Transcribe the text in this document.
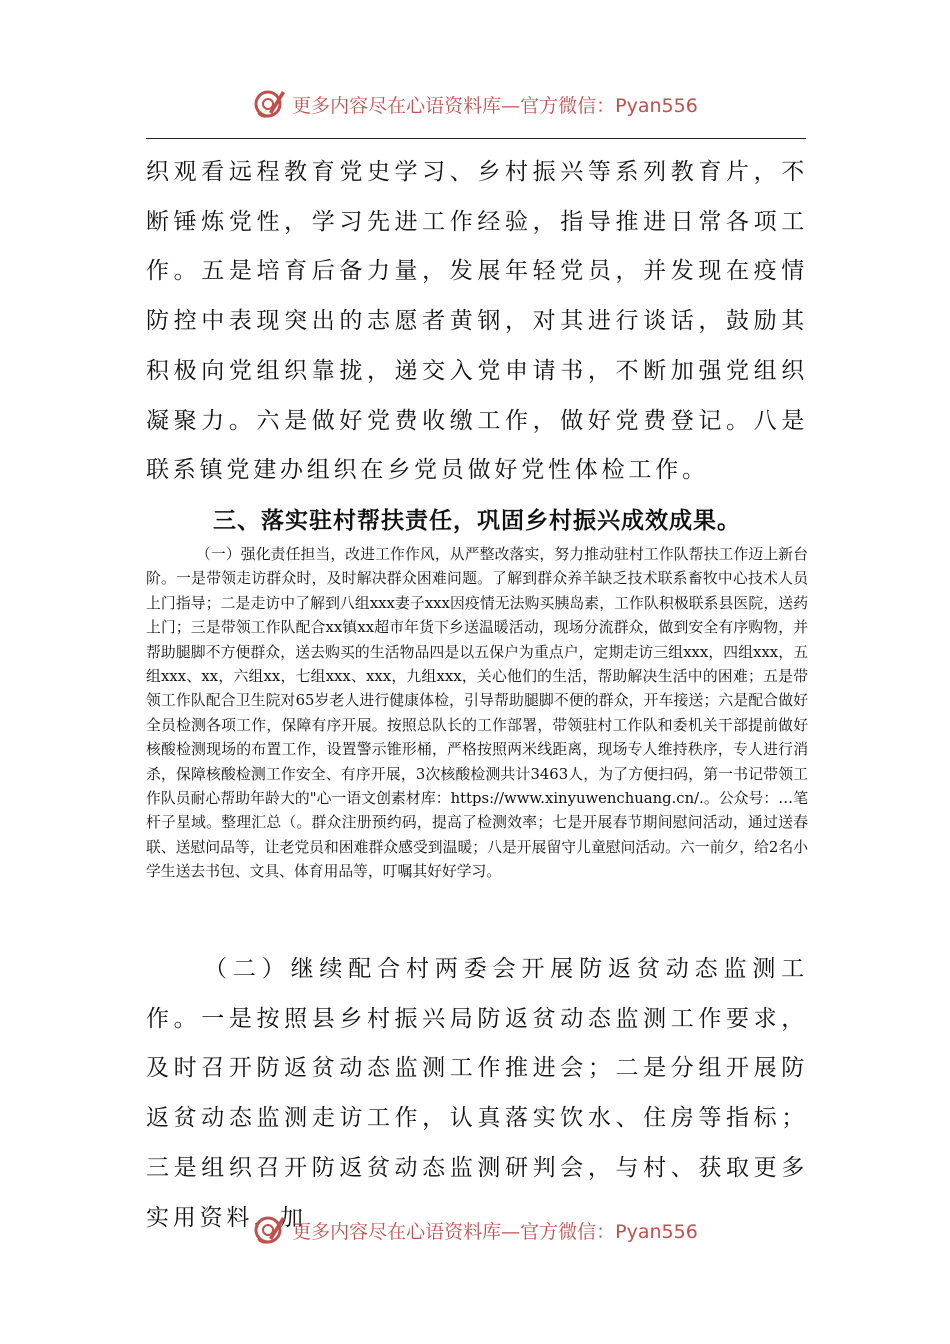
更多内容尽在心语资料库—官方微信：Pyan556

织观看远程教育党史学习、乡村振兴等系列教育片，不断锤炼党性，学习先进工作经验，指导推进日常各项工作。五是培育后备力量，发展年轻党员，并发现在疫情防控中表现突出的志愿者黄钢，对其进行谈话，鼓励其积极向党组织靠拢，递交入党申请书，不断加强党组织凝聚力。六是做好党费收缴工作，做好党费登记。八是联系镇党建办组织在乡党员做好党性体检工作。

三、落实驻村帮扶责任，巩固乡村振兴成效成果。

（一）强化责任担当，改进工作作风，从严整改落实，努力推动驻村工作队帮扶工作迈上新台阶。一是带领走访群众时，及时解决群众困难问题。了解到群众养羊缺乏技术联系畜牧中心技术人员上门指导；二是走访中了解到八组xxx妻子xxx因疫情无法购买胰岛素，工作队积极联系县医院，送药上门；三是带领工作队配合xx镇xx超市年货下乡送温暖活动，现场分流群众，做到安全有序购物，并帮助腿脚不方便群众，送去购买的生活物品四是以五保户为重点户，定期走访三组xxx，四组xxx，五组xxx、xx，六组xx，七组xxx、xxx，九组xxx，关心他们的生活，帮助解决生活中的困难；五是带领工作队配合卫生院对65岁老人进行健康体检，引导帮助腿脚不便的群众，开车接送；六是配合做好全员检测各项工作，保障有序开展。按照总队长的工作部署，带领驻村工作队和委机关干部提前做好核酸检测现场的布置工作，设置警示锥形桶，严格按照两米线距离，现场专人维持秩序，专人进行消杀，保障核酸检测工作安全、有序开展，3次核酸检测共计3463人，为了方便扫码，第一书记带领工作队员耐心帮助年龄大的"心一语文创素材库：https://www.xinyuwenchuang.cn/.。公众号：…笔杆子星域。整理汇总（。群众注册预约码，提高了检测效率；七是开展春节期间慰问活动，通过送春联、送慰问品等，让老党员和困难群众感受到温暖；八是开展留守儿童慰问活动。六一前夕，给2名小学生送去书包、文具、体育用品等，叮嘱其好好学习。

（二）继续配合村两委会开展防返贫动态监测工作。一是按照县乡村振兴局防返贫动态监测工作要求，及时召开防返贫动态监测工作推进会；二是分组开展防返贫动态监测走访工作，认真落实饮水、住房等指标；三是组织召开防返贫动态监测研判会，与村、获取更多实用资料，加

更多内容尽在心语资料库—官方微信：Pyan556
